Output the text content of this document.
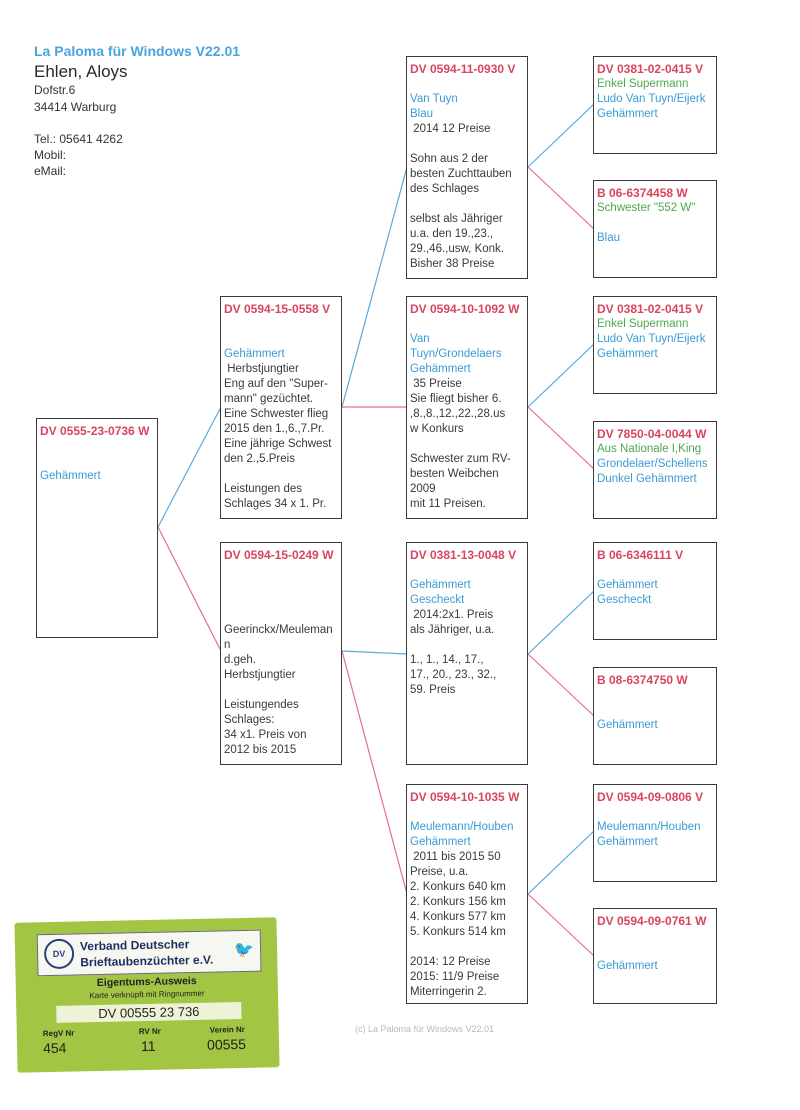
La Paloma für Windows V22.01
Ehlen, Aloys
Dofstr.6
34414 Warburg
Tel.: 05641 4262
Mobil:
eMail:
DV 0555-23-0736 W
Gehämmert
DV 0594-15-0558 V
Gehämmert
Herbstjungtier
Eng auf den "Super-
mann" gezüchtet.
Eine Schwester flieg
2015 den 1.,6.,7.Pr.
Eine jährige Schwest
den 2.,5.Preis
Leistungen des
Schlages 34 x 1. Pr.
DV 0594-15-0249 W
Geerinckx/Meuleman
n
d.geh.
Herbstjungtier
Leistungendes
Schlages:
34 x1. Preis von
2012 bis 2015
DV 0594-11-0930 V
Van Tuyn
Blau
2014 12 Preise
Sohn aus 2 der
besten Zuchttauben
des Schlages
selbst als Jähriger
u.a. den 19.,23.,
29.,46.,usw, Konk.
Bisher 38 Preise
DV 0594-10-1092 W
Van
Tuyn/Grondelaers
Gehämmert
35 Preise
Sie fliegt bisher 6.
,8.,8.,12.,22.,28.us
w Konkurs
Schwester zum RV-
besten Weibchen
2009
mit 11 Preisen.
DV 0381-13-0048 V
Gehämmert
Gescheckt
2014:2x1. Preis
als Jähriger, u.a.
1., 1., 14., 17.,
17., 20., 23., 32.,
59. Preis
DV 0594-10-1035 W
Meulemann/Houben
Gehämmert
2011 bis 2015 50
Preise, u.a.
2. Konkurs 640 km
2. Konkurs 156 km
4. Konkurs 577 km
5. Konkurs 514 km
2014: 12 Preise
2015: 11/9 Preise
Miterringerin 2.
DV 0381-02-0415 V
Enkel Supermann
Ludo Van Tuyn/Eijerk
Gehämmert
B 06-6374458 W
Schwester "552 W"
Blau
DV 0381-02-0415 V
Enkel Supermann
Ludo Van Tuyn/Eijerk
Gehämmert
DV 7850-04-0044 W
Aus Nationale I,King
Grondelaer/Schellens
Dunkel Gehämmert
B 06-6346111 V
Gehämmert
Gescheckt
B 08-6374750 W
Gehämmert
DV 0594-09-0806 V
Meulemann/Houben
Gehämmert
DV 0594-09-0761 W
Gehämmert
(c) La Paloma für Windows V22.01
DV
Verband Deutscher
Brieftaubenzüchter e.V.
🐦
Eigentums-Ausweis
Karte verknüpft mit Ringnummer
DV 00555 23 736
RegV Nr
454
RV Nr
11
Verein Nr
00555
